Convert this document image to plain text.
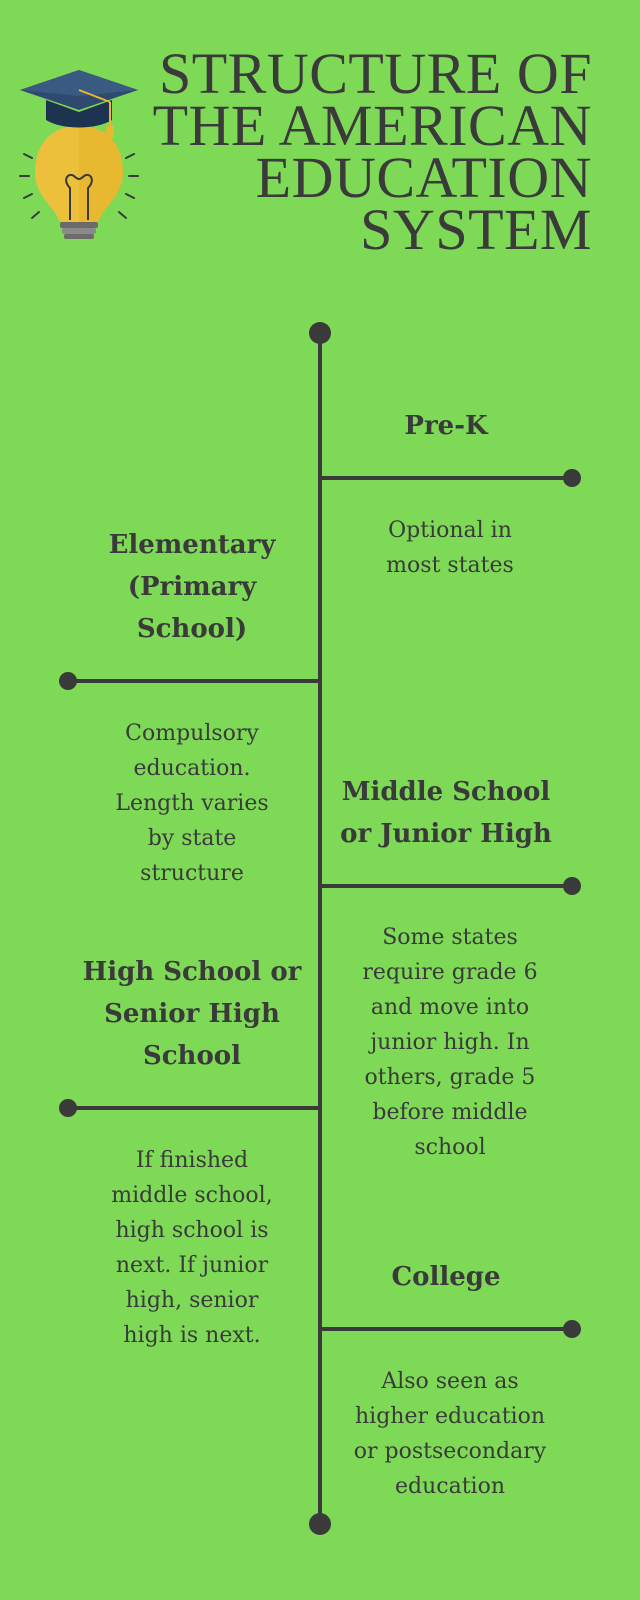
STRUCTURE OF
THE AMERICAN
EDUCATION
SYSTEM
Pre-K
Optional in most states
Elementary (Primary School)
Compulsory education. Length varies by state structure
Middle School or Junior High
Some states require grade 6 and move into junior high. In others, grade 5 before middle school
High School or Senior High School
If finished middle school, high school is next. If junior high, senior high is next.
College
Also seen as higher education or postsecondary education
